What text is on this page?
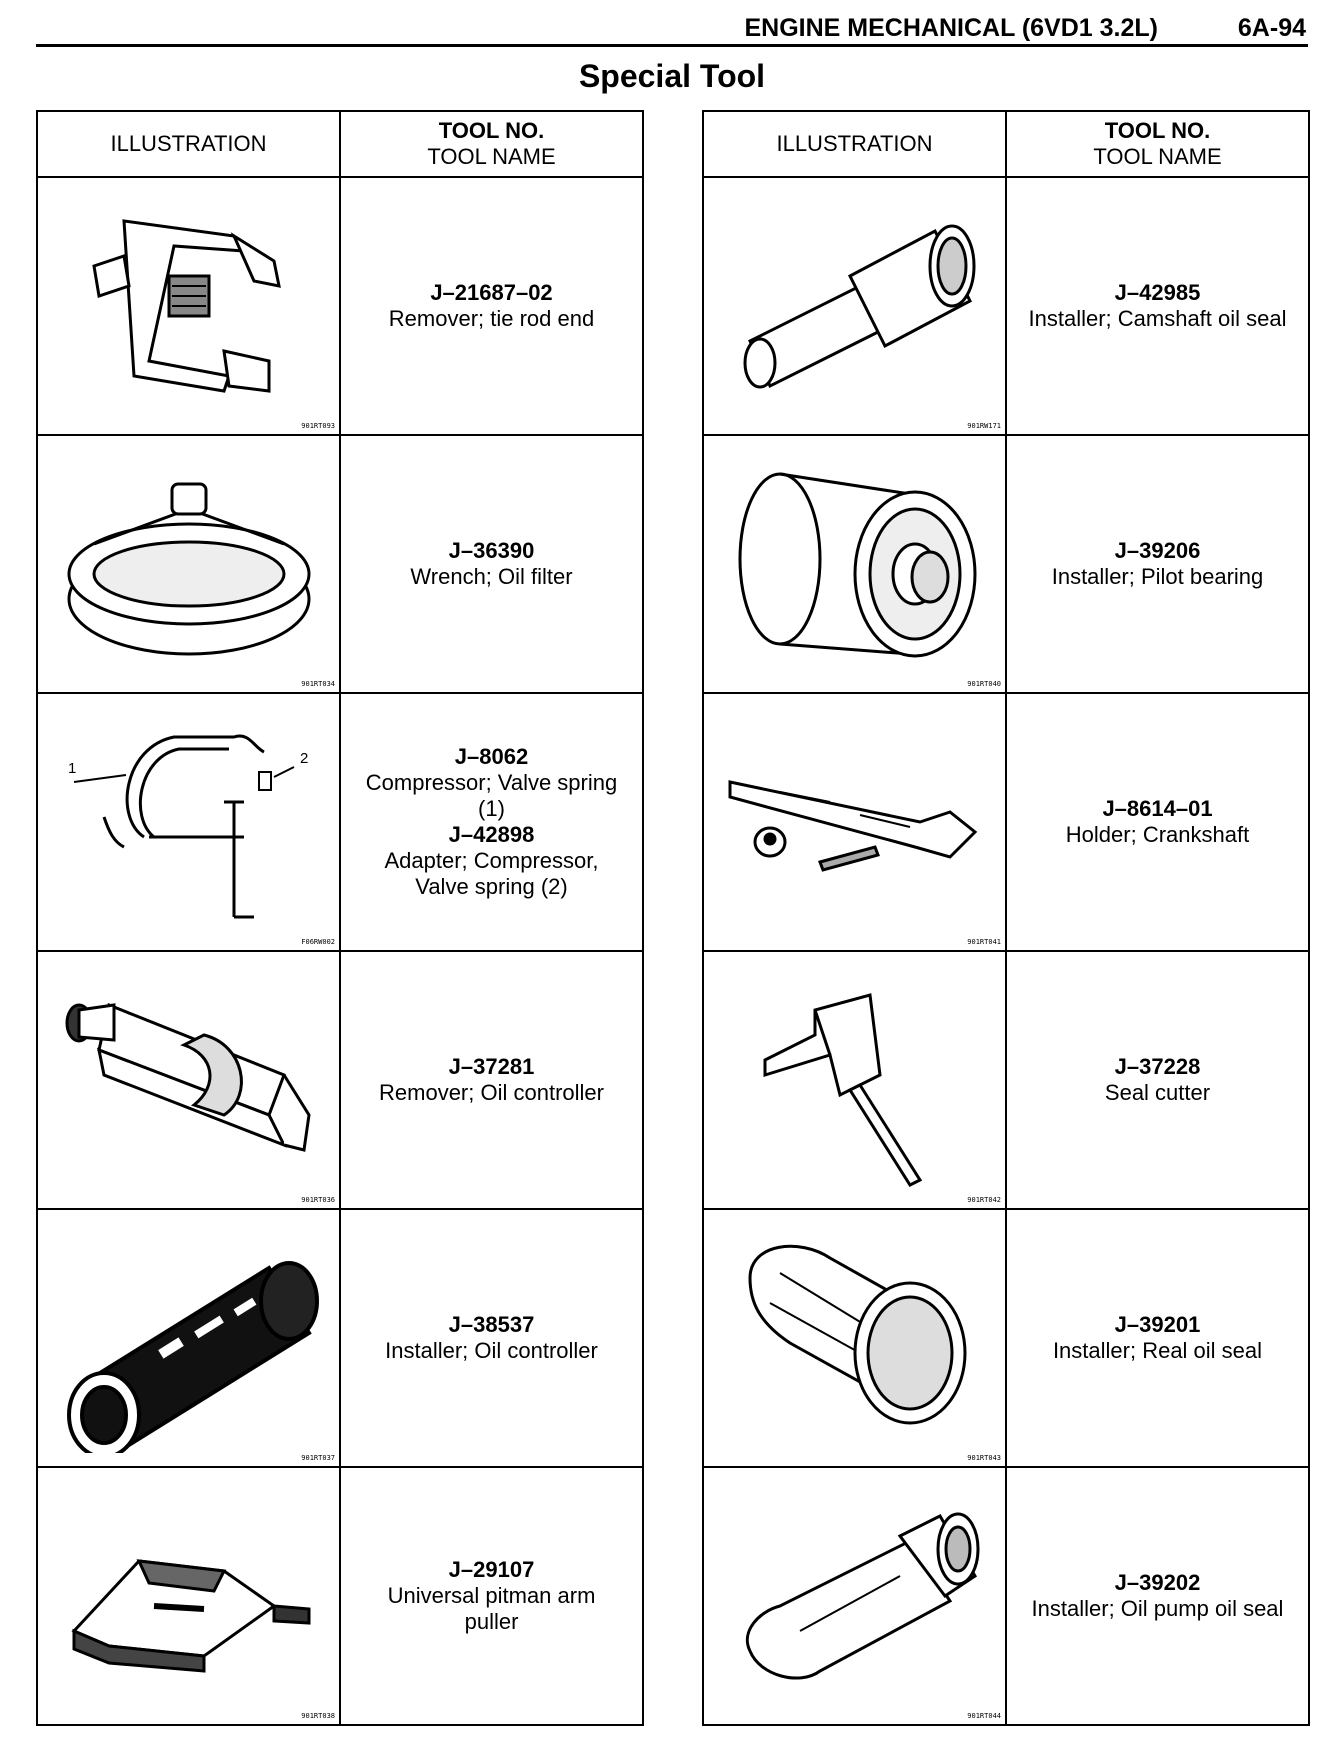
ENGINE MECHANICAL (6VD1 3.2L)	6A-94
Special Tool
ILLUSTRATION	TOOL NO.
TOOL NAME

901RT093	J–21687–02
Remover; tie rod end

901RT034	J–36390
Wrench; Oil filter

1
2
F06RW002	J–8062
Compressor; Valve spring (1)
J–42898
Adapter; Compressor, Valve spring (2)

901RT036	J–37281
Remover; Oil controller

901RT037	J–38537
Installer; Oil controller

901RT038	J–29107
Universal pitman arm puller
ILLUSTRATION	TOOL NO.
TOOL NAME

901RW171	J–42985
Installer; Camshaft oil seal

901RT040	J–39206
Installer; Pilot bearing

901RT041	J–8614–01
Holder; Crankshaft

901RT042	J–37228
Seal cutter

901RT043	J–39201
Installer; Real oil seal

901RT044	J–39202
Installer; Oil pump oil seal
